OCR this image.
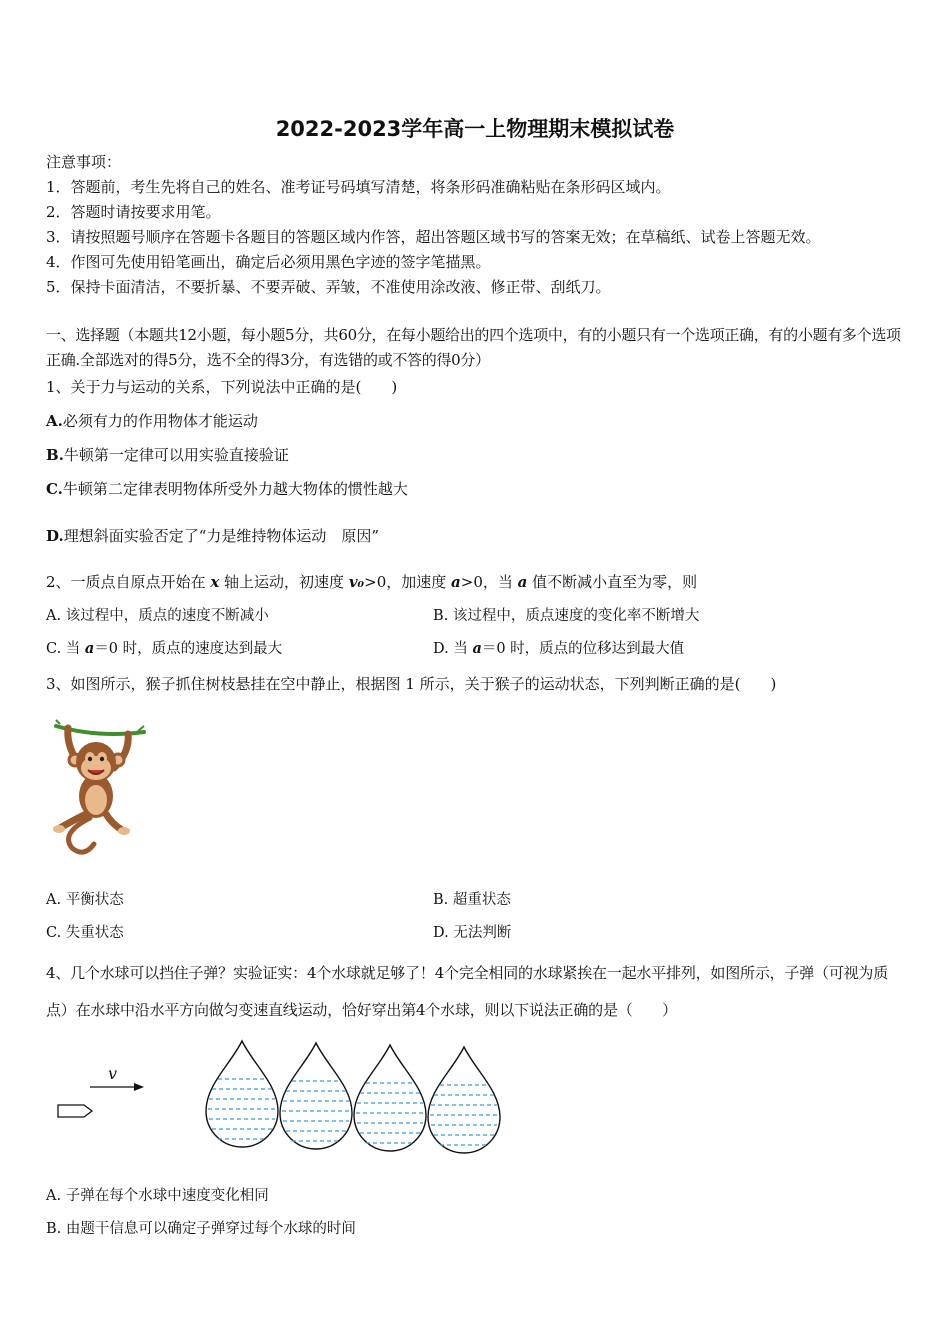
2022-2023学年高一上物理期末模拟试卷
注意事项：
1．答题前，考生先将自己的姓名、准考证号码填写清楚，将条形码准确粘贴在条形码区域内。
2．答题时请按要求用笔。
3．请按照题号顺序在答题卡各题目的答题区域内作答，超出答题区域书写的答案无效；在草稿纸、试卷上答题无效。
4．作图可先使用铅笔画出，确定后必须用黑色字迹的签字笔描黑。
5．保持卡面清洁，不要折暴、不要弄破、弄皱，不准使用涂改液、修正带、刮纸刀。
一、选择题（本题共12小题，每小题5分，共60分，在每小题给出的四个选项中，有的小题只有一个选项正确，有的小题有多个选项正确.全部选对的得5分，选不全的得3分，有选错的或不答的得0分）
1、关于力与运动的关系，下列说法中正确的是(　　)
A.必须有力的作用物体才能运动
B.牛顿第一定律可以用实验直接验证
C.牛顿第二定律表明物体所受外力越大物体的惯性越大
D.理想斜面实验否定了“力是维持物体运动　原因”
2、一质点自原点开始在 x 轴上运动，初速度 v₀>0，加速度 a>0，当 a 值不断减小直至为零，则
A. 该过程中，质点的速度不断减小	B. 该过程中，质点速度的变化率不断增大
C. 当 a＝0 时，质点的速度达到最大	D. 当 a＝0 时，质点的位移达到最大值
3、如图所示，猴子抓住树枝悬挂在空中静止，根据图 1 所示，关于猴子的运动状态，下列判断正确的是(　　)
A. 平衡状态	B. 超重状态
C. 失重状态	D. 无法判断
4、几个水球可以挡住子弹？实验证实：4个水球就足够了！4个完全相同的水球紧挨在一起水平排列，如图所示，子弹（可视为质点）在水球中沿水平方向做匀变速直线运动，恰好穿出第4个水球，则以下说法正确的是（　　）
v
A. 子弹在每个水球中速度变化相同
B. 由题干信息可以确定子弹穿过每个水球的时间
